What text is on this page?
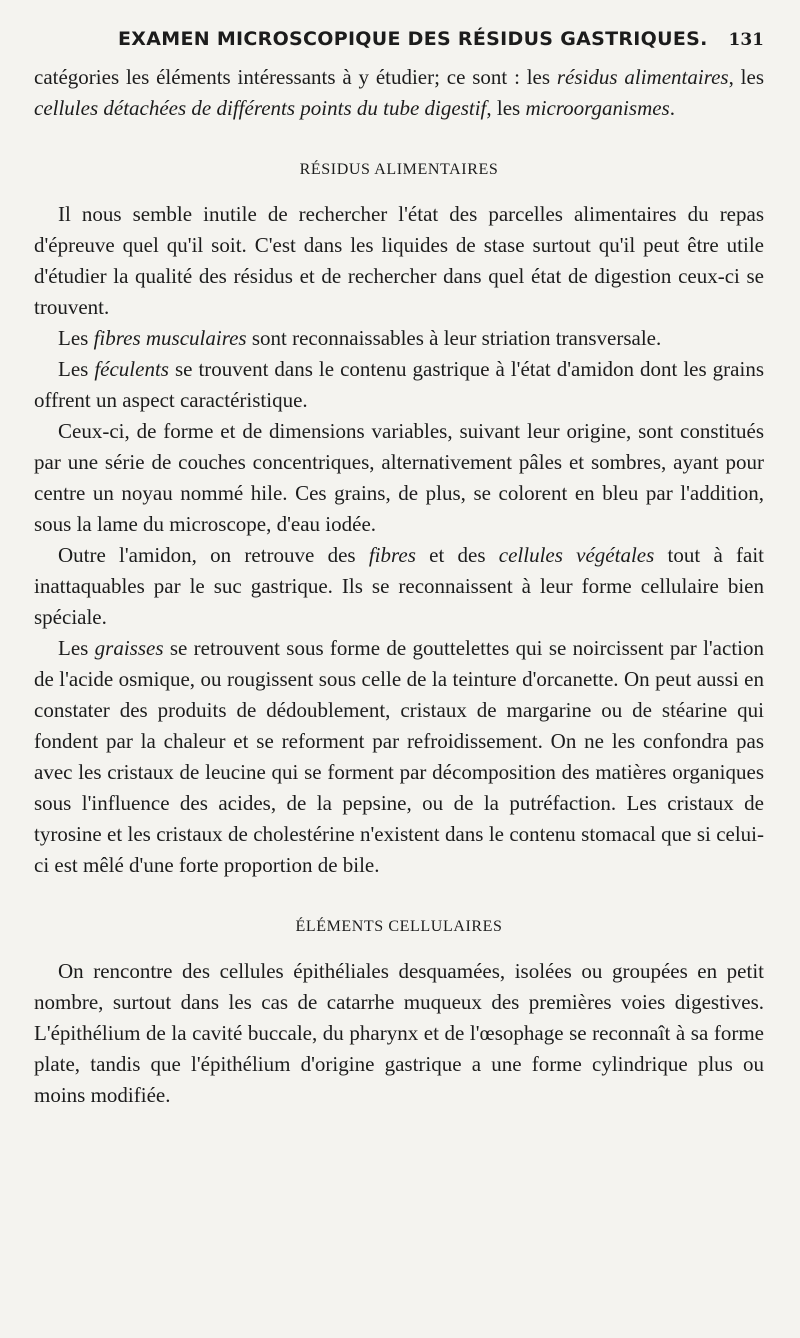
EXAMEN MICROSCOPIQUE DES RÉSIDUS GASTRIQUES. 131

catégories les éléments intéressants à y étudier; ce sont : les résidus alimentaires, les cellules détachées de différents points du tube digestif, les microorganismes.

RÉSIDUS ALIMENTAIRES

Il nous semble inutile de rechercher l'état des parcelles alimentaires du repas d'épreuve quel qu'il soit. C'est dans les liquides de stase surtout qu'il peut être utile d'étudier la qualité des résidus et de rechercher dans quel état de digestion ceux-ci se trouvent.

Les fibres musculaires sont reconnaissables à leur striation transversale.

Les féculents se trouvent dans le contenu gastrique à l'état d'amidon dont les grains offrent un aspect caractéristique.

Ceux-ci, de forme et de dimensions variables, suivant leur origine, sont constitués par une série de couches concentriques, alternativement pâles et sombres, ayant pour centre un noyau nommé hile. Ces grains, de plus, se colorent en bleu par l'addition, sous la lame du microscope, d'eau iodée.

Outre l'amidon, on retrouve des fibres et des cellules végétales tout à fait inattaquables par le suc gastrique. Ils se reconnaissent à leur forme cellulaire bien spéciale.

Les graisses se retrouvent sous forme de gouttelettes qui se noircissent par l'action de l'acide osmique, ou rougissent sous celle de la teinture d'orcanette. On peut aussi en constater des produits de dédoublement, cristaux de margarine ou de stéarine qui fondent par la chaleur et se reforment par refroidissement. On ne les confondra pas avec les cristaux de leucine qui se forment par décomposition des matières organiques sous l'influence des acides, de la pepsine, ou de la putréfaction. Les cristaux de tyrosine et les cristaux de cholestérine n'existent dans le contenu stomacal que si celui-ci est mêlé d'une forte proportion de bile.

ÉLÉMENTS CELLULAIRES

On rencontre des cellules épithéliales desquamées, isolées ou groupées en petit nombre, surtout dans les cas de catarrhe muqueux des premières voies digestives. L'épithélium de la cavité buccale, du pharynx et de l'œsophage se reconnaît à sa forme plate, tandis que l'épithélium d'origine gastrique a une forme cylindrique plus ou moins modifiée.
